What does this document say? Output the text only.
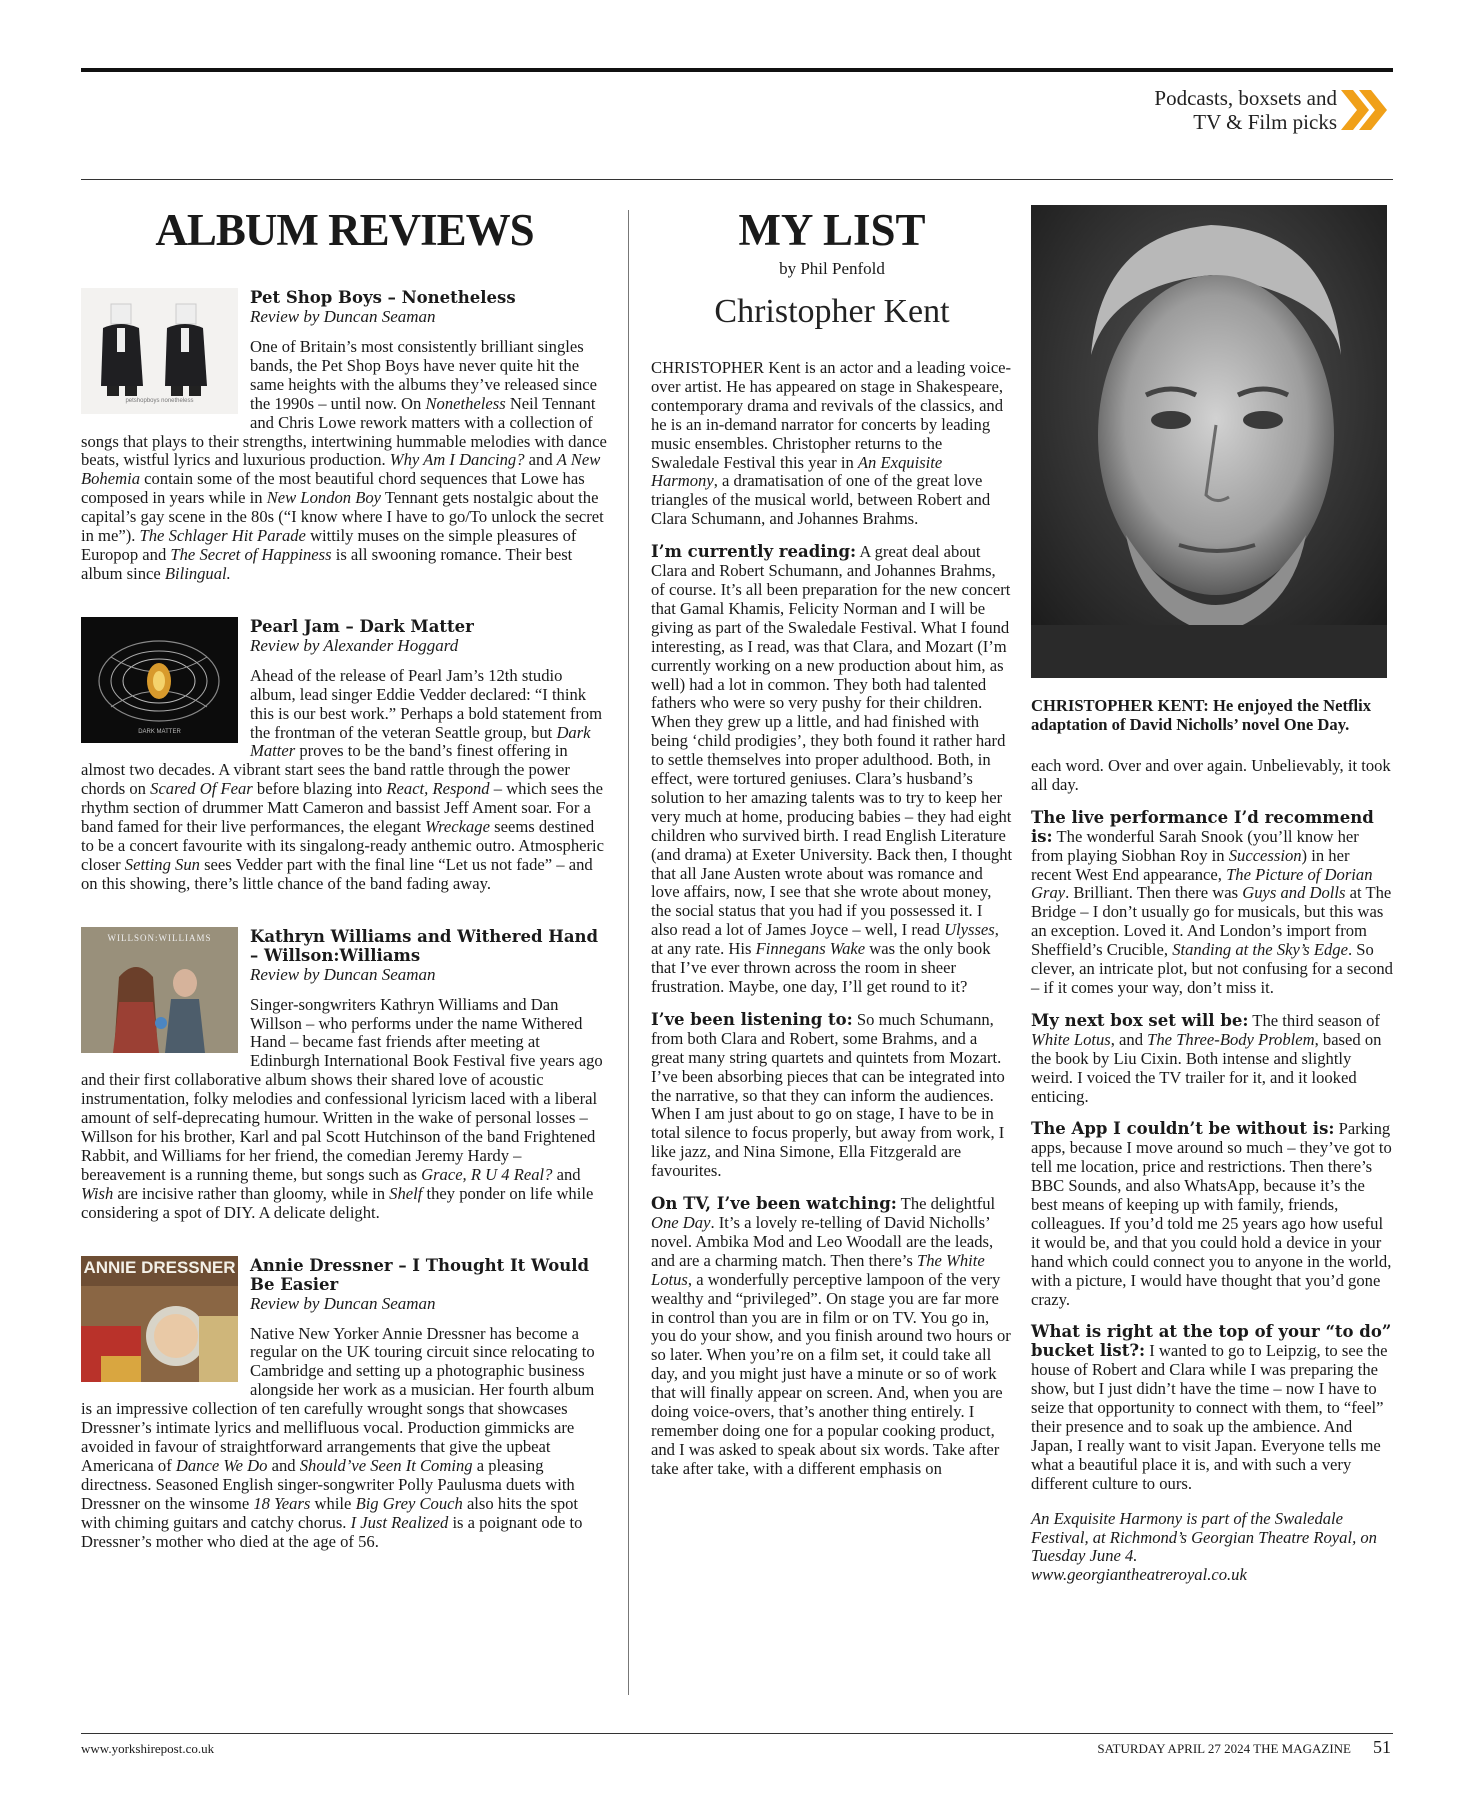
Podcasts, boxsets and
TV & Film picks
ALBUM REVIEWS
petshopboys nonetheless

Pet Shop Boys – Nonetheless

Review by Duncan Seaman

One of Britain’s most consistently brilliant singles bands, the Pet Shop Boys have never quite hit the same heights with the albums they’ve released since the 1990s – until now. On Nonetheless Neil Tennant and Chris Lowe rework matters with a collection of songs that plays to their strengths, intertwining hummable melodies with dance beats, wistful lyrics and luxurious production. Why Am I Dancing? and A New Bohemia contain some of the most beautiful chord sequences that Lowe has composed in years while in New London Boy Tennant gets nostalgic about the capital’s gay scene in the 80s (“I know where I have to go/To unlock the secret in me”). The Schlager Hit Parade wittily muses on the simple pleasures of Europop and The Secret of Happiness is all swooning romance. Their best album since Bilingual.

DARK MATTER

Pearl Jam – Dark Matter

Review by Alexander Hoggard

Ahead of the release of Pearl Jam’s 12th studio album, lead singer Eddie Vedder declared: “I think this is our best work.” Perhaps a bold statement from the frontman of the veteran Seattle group, but Dark Matter proves to be the band’s finest offering in almost two decades. A vibrant start sees the band rattle through the power chords on Scared Of Fear before blazing into React, Respond – which sees the rhythm section of drummer Matt Cameron and bassist Jeff Ament soar. For a band famed for their live performances, the elegant Wreckage seems destined to be a concert favourite with its singalong-ready anthemic outro. Atmospheric closer Setting Sun sees Vedder part with the final line “Let us not fade” – and on this showing, there’s little chance of the band fading away.

WILLSON:WILLIAMS	Kathryn Williams and Withered Hand – Willson:Williams

Review by Duncan Seaman

Singer-songwriters Kathryn Williams and Dan Willson – who performs under the name Withered Hand – became fast friends after meeting at Edinburgh International Book Festival five years ago and their first collaborative album shows their shared love of acoustic instrumentation, folky melodies and confessional lyricism laced with a liberal amount of self-deprecating humour. Written in the wake of personal losses – Willson for his brother, Karl and pal Scott Hutchinson of the band Frightened Rabbit, and Williams for her friend, the comedian Jeremy Hardy – bereavement is a running theme, but songs such as Grace, R U 4 Real? and Wish are incisive rather than gloomy, while in Shelf they ponder on life while considering a spot of DIY. A delicate delight.

ANNIE DRESSNER Annie Dressner – I Thought It Would Be Easier

Review by Duncan Seaman

Native New Yorker Annie Dressner has become a regular on the UK touring circuit since relocating to Cambridge and setting up a photographic business alongside her work as a musician. Her fourth album is an impressive collection of ten carefully wrought songs that showcases Dressner’s intimate lyrics and mellifluous vocal. Production gimmicks are avoided in favour of straightforward arrangements that give the upbeat Americana of Dance We Do and Should’ve Seen It Coming a pleasing directness. Seasoned English singer-songwriter Polly Paulusma duets with Dressner on the winsome 18 Years while Big Grey Couch also hits the spot with chiming guitars and catchy chorus. I Just Realized is a poignant ode to Dressner’s mother who died at the age of 56.

MY LIST

by Phil Penfold

Christopher Kent

CHRISTOPHER Kent is an actor and a leading voice-over artist. He has appeared on stage in Shakespeare, contemporary drama and revivals of the classics, and he is an in-demand narrator for concerts by leading music ensembles. Christopher returns to the Swaledale Festival this year in An Exquisite Harmony, a dramatisation of one of the great love triangles of the musical world, between Robert and Clara Schumann, and Johannes Brahms.

I’m currently reading: A great deal about Clara and Robert Schumann, and Johannes Brahms, of course. It’s all been preparation for the new concert that Gamal Khamis, Felicity Norman and I will be giving as part of the Swaledale Festival. What I found interesting, as I read, was that Clara, and Mozart (I’m currently working on a new production about him, as well) had a lot in common. They both had talented fathers who were so very pushy for their children. When they grew up a little, and had finished with being ‘child prodigies’, they both found it rather hard to settle themselves into proper adulthood. Both, in effect, were tortured geniuses. Clara’s husband’s solution to her amazing talents was to try to keep her very much at home, producing babies – they had eight children who survived birth. I read English Literature (and drama) at Exeter University. Back then, I thought that all Jane Austen wrote about was romance and love affairs, now, I see that she wrote about money, the social status that you had if you possessed it. I also read a lot of James Joyce – well, I read Ulysses, at any rate. His Finnegans Wake was the only book that I’ve ever thrown across the room in sheer frustration. Maybe, one day, I’ll get round to it?

I’ve been listening to: So much Schumann, from both Clara and Robert, some Brahms, and a great many string quartets and quintets from Mozart. I’ve been absorbing pieces that can be integrated into the narrative, so that they can inform the audiences. When I am just about to go on stage, I have to be in total silence to focus properly, but away from work, I like jazz, and Nina Simone, Ella Fitzgerald are favourites.

On TV, I’ve been watching: The delightful One Day. It’s a lovely re-telling of David Nicholls’ novel. Ambika Mod and Leo Woodall are the leads, and are a charming match. Then there’s The White Lotus, a wonderfully perceptive lampoon of the very wealthy and “privileged”. On stage you are far more in control than you are in film or on TV. You go in, you do your show, and you finish around two hours or so later. When you’re on a film set, it could take all day, and you might just have a minute or so of work that will finally appear on screen. And, when you are doing voice-overs, that’s another thing entirely. I remember doing one for a popular cooking product, and I was asked to speak about six words. Take after take after take, with a different emphasis on

CHRISTOPHER KENT: He enjoyed the Netflix adaptation of David Nicholls’ novel One Day.

each word. Over and over again. Unbelievably, it took all day.

The live performance I’d recommend is: The wonderful Sarah Snook (you’ll know her from playing Siobhan Roy in Succession) in her recent West End appearance, The Picture of Dorian Gray. Brilliant. Then there was Guys and Dolls at The Bridge – I don’t usually go for musicals, but this was an exception. Loved it. And London’s import from Sheffield’s Crucible, Standing at the Sky’s Edge. So clever, an intricate plot, but not confusing for a second – if it comes your way, don’t miss it.

My next box set will be: The third season of White Lotus, and The Three-Body Problem, based on the book by Liu Cixin. Both intense and slightly weird. I voiced the TV trailer for it, and it looked enticing.

The App I couldn’t be without is: Parking apps, because I move around so much – they’ve got to tell me location, price and restrictions. Then there’s BBC Sounds, and also WhatsApp, because it’s the best means of keeping up with family, friends, colleagues. If you’d told me 25 years ago how useful it would be, and that you could hold a device in your hand which could connect you to anyone in the world, with a picture, I would have thought that you’d gone crazy.

What is right at the top of your “to do” bucket list?: I wanted to go to Leipzig, to see the house of Robert and Clara while I was preparing the show, but I just didn’t have the time – now I have to seize that opportunity to connect with them, to “feel” their presence and to soak up the ambience. And Japan, I really want to visit Japan. Everyone tells me what a beautiful place it is, and with such a very different culture to ours.

An Exquisite Harmony is part of the Swaledale Festival, at Richmond’s Georgian Theatre Royal, on Tuesday June 4.
www.georgiantheatreroyal.co.uk

www.yorkshirepost.co.uk	SATURDAY APRIL 27 2024 THE MAGAZINE 51
